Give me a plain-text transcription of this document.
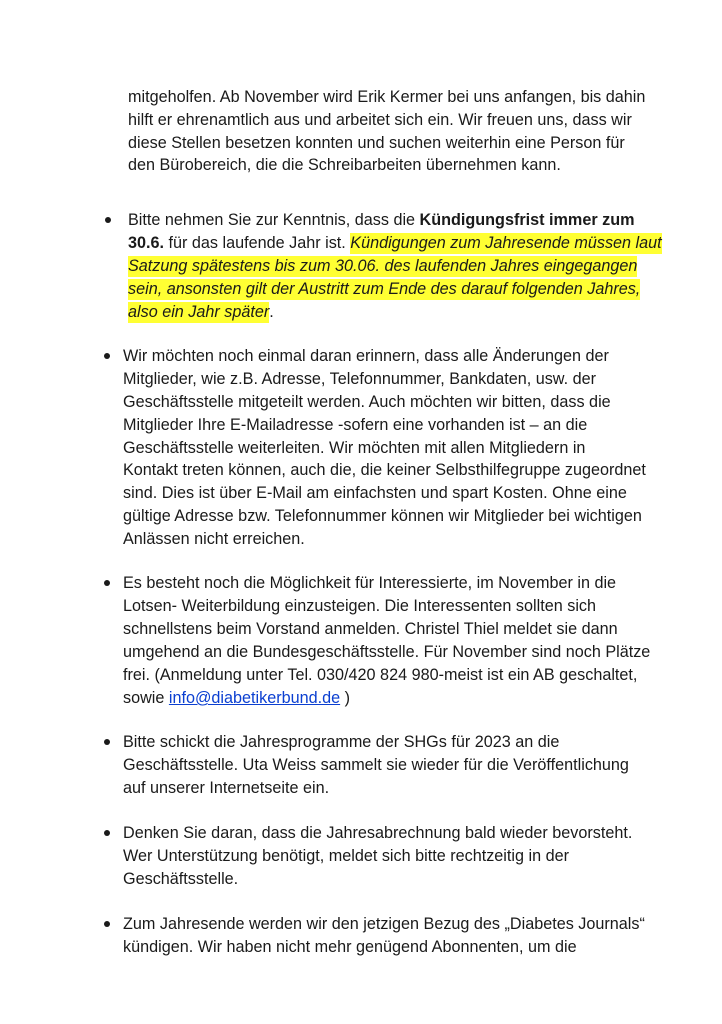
mitgeholfen. Ab November wird Erik Kermer bei uns anfangen, bis dahin

hilft er ehrenamtlich aus und arbeitet sich ein. Wir freuen uns, dass wir

diese Stellen besetzen konnten und suchen weiterhin eine Person für

den Bürobereich, die die Schreibarbeiten übernehmen kann.

Bitte nehmen Sie zur Kenntnis, dass die Kündigungsfrist immer zum

30.6. für das laufende Jahr ist. Kündigungen zum Jahresende müssen laut

Satzung spätestens bis zum 30.06. des laufenden Jahres eingegangen

sein, ansonsten gilt der Austritt zum Ende des darauf folgenden Jahres,

also ein Jahr später.

Wir möchten noch einmal daran erinnern, dass alle Änderungen der

Mitglieder, wie z.B. Adresse, Telefonnummer, Bankdaten, usw. der

Geschäftsstelle mitgeteilt werden. Auch möchten wir bitten, dass die

Mitglieder Ihre E-Mailadresse -sofern eine vorhanden ist – an die

Geschäftsstelle weiterleiten. Wir möchten mit allen Mitgliedern in

Kontakt treten können, auch die, die keiner Selbsthilfegruppe zugeordnet

sind. Dies ist über E-Mail am einfachsten und spart Kosten. Ohne eine

gültige Adresse bzw. Telefonnummer können wir Mitglieder bei wichtigen

Anlässen nicht erreichen.

Es besteht noch die Möglichkeit für Interessierte, im November in die

Lotsen- Weiterbildung einzusteigen. Die Interessenten sollten sich

schnellstens beim Vorstand anmelden. Christel Thiel meldet sie dann

umgehend an die Bundesgeschäftsstelle. Für November sind noch Plätze

frei. (Anmeldung unter Tel. 030/420 824 980-meist ist ein AB geschaltet,

sowie info@diabetikerbund.de )

Bitte schickt die Jahresprogramme der SHGs für 2023 an die

Geschäftsstelle. Uta Weiss sammelt sie wieder für die Veröffentlichung

auf unserer Internetseite ein.

Denken Sie daran, dass die Jahresabrechnung bald wieder bevorsteht.

Wer Unterstützung benötigt, meldet sich bitte rechtzeitig in der

Geschäftsstelle.

Zum Jahresende werden wir den jetzigen Bezug des „Diabetes Journals“

kündigen. Wir haben nicht mehr genügend Abonnenten, um die
